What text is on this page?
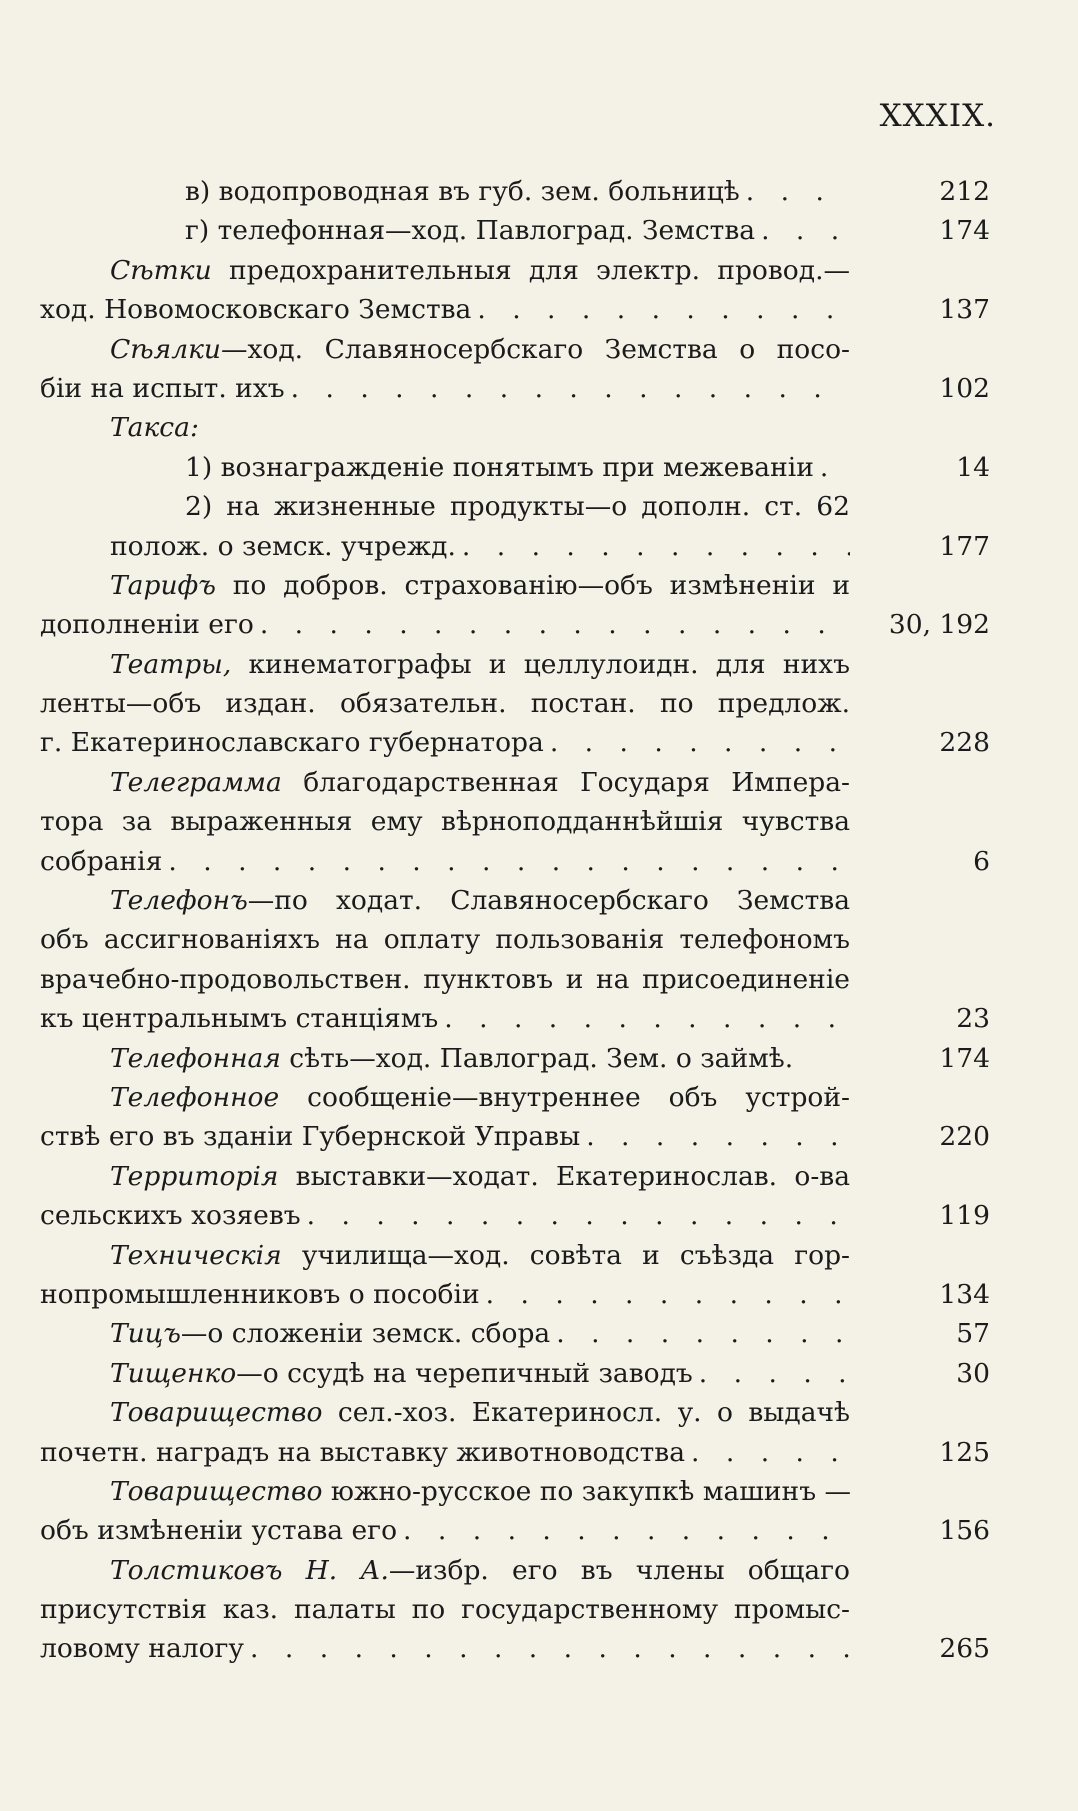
XXXIX.
в) водопроводная въ губ. зем. больницѣ . . .	212
г) телефонная—ход. Павлоград. Земства . . .	174
Сѣтки предохранительныя для электр. провод.—
ход. Новомосковскаго Земства . . .	137
Сѣялки—ход. Славяносербскаго Земства о посо-
біи на испыт. ихъ . . .	102
Такса:
1) вознагражденіе понятымъ при межеваніи . . .	14
2) на жизненные продукты—о дополн. ст. 62
полож. о земск. учрежд. . . .	177
Тарифъ по добров. страхованію—объ измѣненіи и
дополненіи его . . .	30, 192
Театры, кинематографы и целлулоидн. для нихъ
ленты—объ издан. обязательн. постан. по предлож.
г. Екатеринославскаго губернатора . . .	228
Телеграмма благодарственная Государя Импера-
тора за выраженныя ему вѣрноподданнѣйшія чувства
собранія . . .	6
Телефонъ—по ходат. Славяносербскаго Земства
объ ассигнованіяхъ на оплату пользованія телефономъ
врачебно-продовольствен. пунктовъ и на присоединеніе
къ центральнымъ станціямъ . . .	23
Телефонная сѣть—ход. Павлоград. Зем. о займѣ.	174
Телефонное сообщеніе—внутреннее объ устрой-
ствѣ его въ зданіи Губернской Управы . . .	220
Территорія выставки—ходат. Екатеринослав. о-ва
сельскихъ хозяевъ . . .	119
Техническія училища—ход. совѣта и съѣзда гор-
нопромышленниковъ о пособіи . . .	134
Тицъ—о сложеніи земск. сбора . . .	57
Тищенко—о ссудѣ на черепичный заводъ . . .	30
Товарищество сел.-хоз. Екатериносл. у. о выдачѣ
почетн. наградъ на выставку животноводства . . .	125
Товарищество южно-русское по закупкѣ машинъ —
объ измѣненіи устава его . . .	156
Толстиковъ Н. А.—избр. его въ члены общаго
присутствія каз. палаты по государственному промыс-
ловому налогу . . .	265
